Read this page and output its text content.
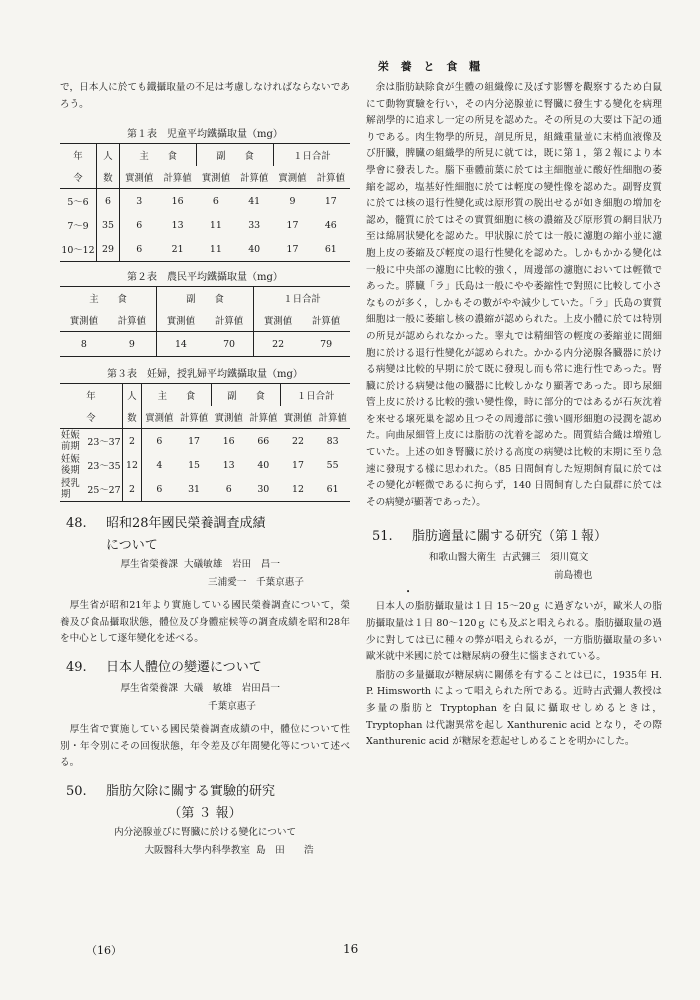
栄 養 と 食 糧

で，日本人に於ても鐵攝取量の不足は考慮しなければならないであろう。

第１表　児童平均鐵攝取量（mg）
年	人	主　　食		副　　食		１日合計	
令	数	實測値	計算値	實測値	計算値	實測値	計算値
5～6	6	3	16	6	41	9	17
7～9	35	6	13	11	33	17	46
10～12	29	6	21	11	40	17	61
第２表　農民平均鐵攝取量（mg）
主　　食		副　　食		１日合計	
實測値	計算値	實測値	計算値	實測値	計算値
8	9	14	70	22	79
第３表　妊婦，授乳婦平均鐵攝取量（mg）
年		人	主　　食		副　　食		１日合計	
令		数	實測値	計算値	實測値	計算値	實測値	計算値
妊娠
前期	23～37	2	6	17	16	66	22	83
妊娠
後期	23～35	12	4	15	13	40	17	55
授乳
期	25～27	2	6	31	6	30	12	61
48.	昭和28年國民榮養調査成績
について
厚生省榮養課 大礒敏雄　岩田　昌一
三浦愛一　千葉京惠子

厚生省が昭和21年より實施している國民榮養調査について，榮養及び食品攝取狀態，體位及び身體症候等の調査成績を昭和28年を中心として逐年變化を述べる。

49.	日本人體位の變遷について
厚生省榮養課 大礒　敏雄　岩田昌一
千葉京惠子

厚生省で實施している國民榮養調査成績の中，體位について性別・年令別にその回復狀態，年令差及び年間變化等について述べる。

50.	脂肪欠除に關する實驗的研究
（第 ３ 報）
内分泌腺並びに腎臓に於ける變化について
大阪醫科大學内科學教室 島　田　　浩

余は脂肪缺除食が生體の組織像に及ぼす影響を觀察するため白鼠にて動物實驗を行い，その内分泌腺並に腎臓に發生する變化を病理解剖學的に追求し一定の所見を認めた。その所見の大要は下記の通りである。肉生物學的所見，剖見所見，組織重量並に末梢血液像及び肝臓，脾臓の組織學的所見に就ては，既に第１，第２報により本學會に發表した。腦下垂體前葉に於ては主細胞並に酸好性細胞の萎縮を認め，塩基好性細胞に於ては輕度の變性像を認めた。副腎皮質に於ては核の退行性變化或は原形質の脱出せるが如き細胞の増加を認め，髓質に於てはその實質細胞に核の濃縮及び原形質の網目狀乃至は綿屑狀變化を認めた。甲狀腺に於ては一般に濾胞の縮小並に濾胞上皮の萎縮及び輕度の退行性變化を認めた。しかもかかる變化は一般に中央部の濾胞に比較的強く，周邊部の濾胞においては輕微であった。膵臓「ラ」氏島は一般にやや萎縮性で對照に比較して小さなものが多く，しかもその數がやや減少していた。「ラ」氏島の實質細胞は一般に萎縮し核の濃縮が認められた。上皮小體に於ては特別の所見が認められなかった。睾丸では精細管の輕度の萎縮並に間細胞に於ける退行性變化が認められた。かかる内分泌腺各臓器に於ける病變は比較的早期に於て既に發現し而も常に進行性であった。腎臓に於ける病變は他の臓器に比較しかなり顯著であった。即ち尿細管上皮に於ける比較的強い變性像，時に部分的ではあるが石灰沈着を來せる壞死巢を認め且つその周邊部に強い圓形細胞の浸潤を認めた。向曲尿細管上皮には脂肪の沈着を認めた。間質結合織は増殖していた。上述の如き腎臓に於ける高度の病變は比較的末期に至り急速に發現する樣に思われた。（85 日間飼育した短期飼育鼠に於てはその變化が輕微であるに拘らず，140 日間飼育した白鼠群に於てはその病變が顯著であった）。

51.	脂肪適量に關する研究（第１報）
和歌山醫大衛生 古武彌三　須川寬文
前島禮也
•

日本人の脂肪攝取量は１日 15～20ｇ に過ぎないが，歐米人の脂肪攝取量は１日 80～120ｇ にも及ぶと唱えられる。脂肪攝取量の過少に對しては已に種々の弊が唱えられるが，一方脂肪攝取量の多い歐米就中米國に於ては糖尿病の發生に惱まされている。

脂肪の多量攝取が糖尿病に關係を有することは已に，1935年 H. P. Himsworth によって唱えられた所である。近時古武彌人教授は多量の脂肪と Tryptophan を白鼠に攝取せしめるときは，Tryptophan は代謝異常を起し Xanthurenic acid となり，その際 Xanthurenic acid が糖尿を惹起せしめることを明かにした。

（16）	16
